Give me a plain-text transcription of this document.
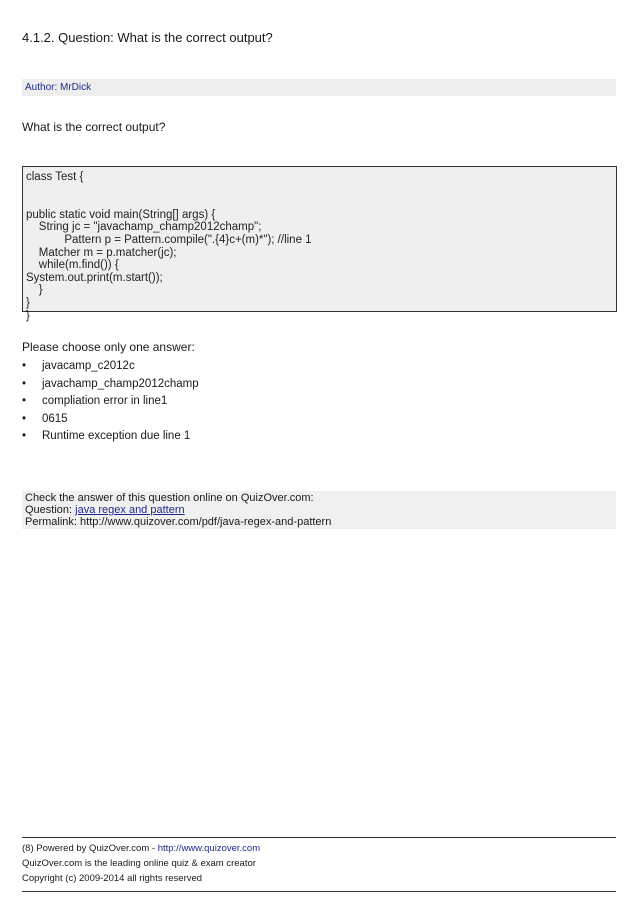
4.1.2. Question: What is the correct output?
Author: MrDick
What is the correct output?
class Test {

public static void main(String[] args) {
String jc = "javachamp_champ2012champ";
Pattern p = Pattern.compile(".{4}c+(m)*"); //line 1
Matcher m = p.matcher(jc);
while(m.find()) {
System.out.print(m.start());
}
}
}
Please choose only one answer:
• javacamp_c2012c
• javachamp_champ2012champ
• compliation error in line1
• 0615
• Runtime exception due line 1
Check the answer of this question online on QuizOver.com:
Question: java regex and pattern
Permalink: http://www.quizover.com/pdf/java-regex-and-pattern
(8) Powered by QuizOver.com - http://www.quizover.com
QuizOver.com is the leading online quiz & exam creator
Copyright (c) 2009-2014 all rights reserved
